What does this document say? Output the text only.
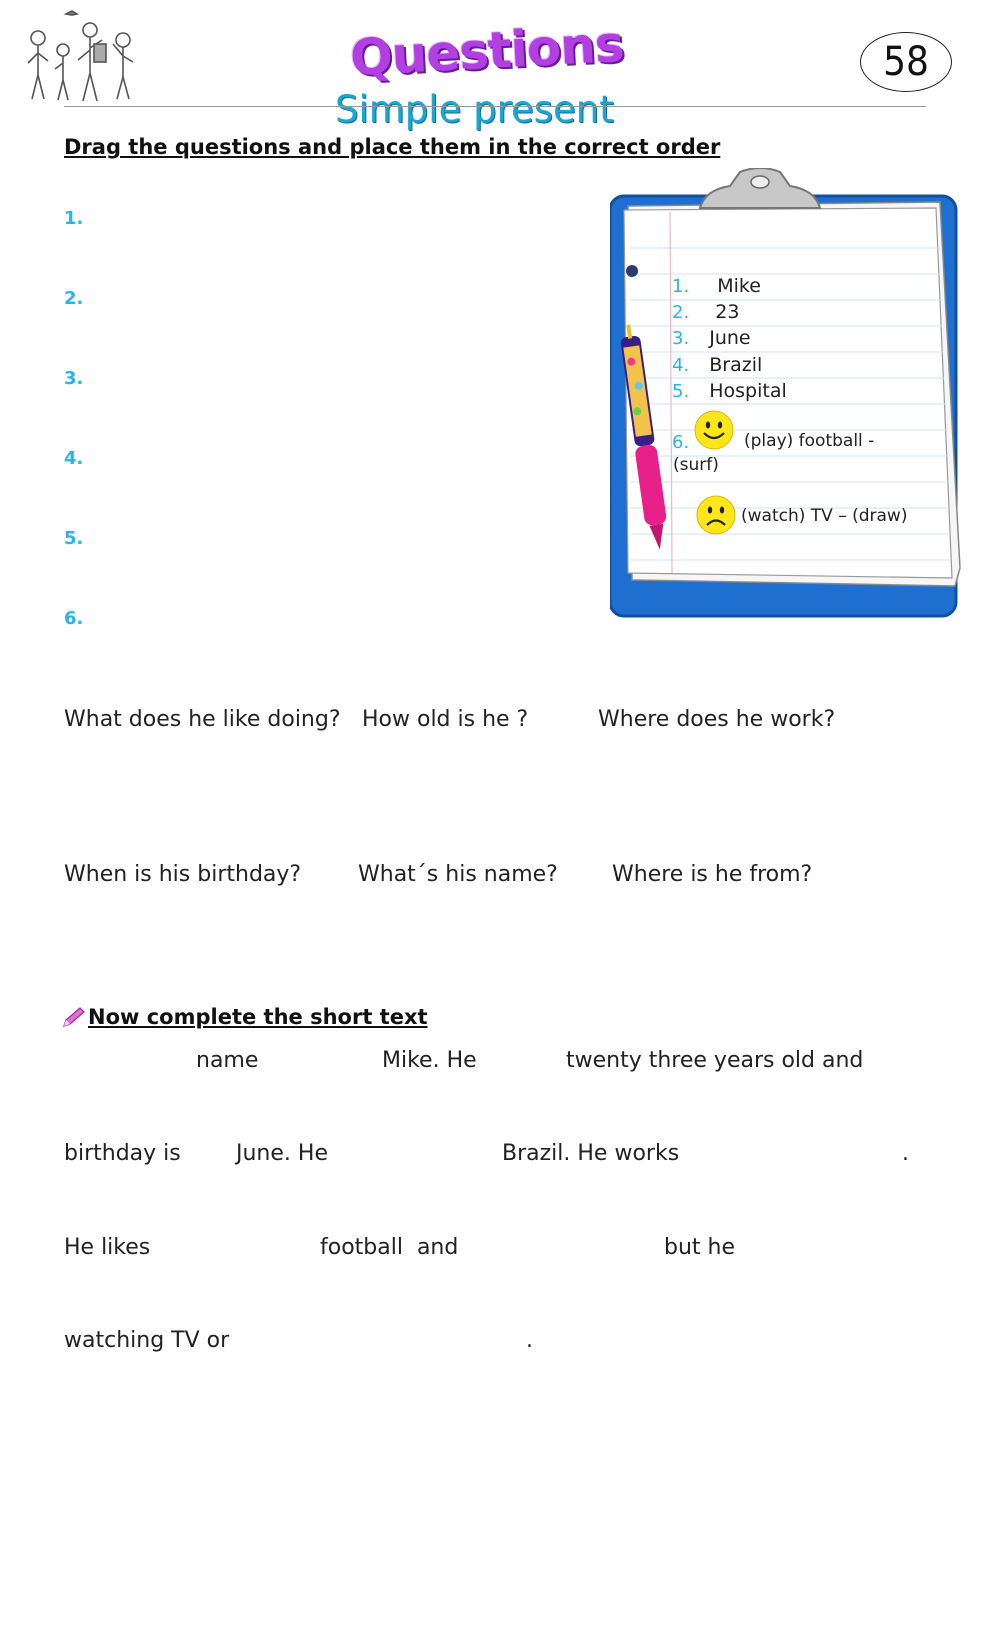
Questions
Simple present
58
Drag the questions and place them in the correct order
1.
2.
3.
4.
5.
6.
1. Mike
2. 23
3. June
4. Brazil
5. Hospital
6.	(play) football -
(surf)
(watch) TV – (draw)
What does he like doing? How old is he ?	Where does he work?
When is his birthday?	What´s his name? Where is he from?
Now complete the short text
name	Mike. He	twenty three years old and
birthday is	June. He	Brazil. He works	.
He likes	football  and	but he
watching TV or	.
